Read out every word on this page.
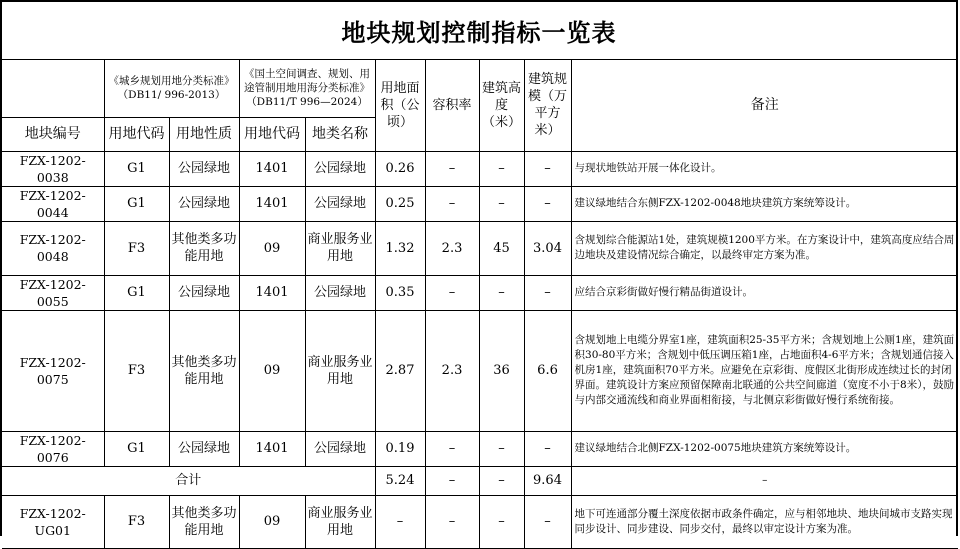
地块规划控制指标一览表
	《城乡规划用地分类标准》（DB11/ 996-2013）		《国土空间调查、规划、用途管制用地用海分类标准》（DB11/T 996—2024）		用地面积（公顷）	容积率	建筑高度（米）	建筑规模（万平方米）	备注
地块编号	用地代码	用地性质	用地代码	地类名称					
FZX-1202-0038	G1	公园绿地	1401	公园绿地	0.26	–	–	–	与现状地铁站开展一体化设计。
FZX-1202-0044	G1	公园绿地	1401	公园绿地	0.25	–	–	–	建议绿地结合东侧FZX-1202-0048地块建筑方案统筹设计。
FZX-1202-0048	F3	其他类多功能用地	09	商业服务业用地	1.32	2.3	45	3.04	含规划综合能源站1处，建筑规模1200平方米。在方案设计中，建筑高度应结合周边地块及建设情况综合确定，以最终审定方案为准。
FZX-1202-0055	G1	公园绿地	1401	公园绿地	0.35	–	–	–	应结合京彩街做好慢行精品街道设计。
FZX-1202-0075	F3	其他类多功能用地	09	商业服务业用地	2.87	2.3	36	6.6	含规划地上电缆分界室1座，建筑面积25-35平方米；含规划地上公厕1座，建筑面积30-80平方米；含规划中低压调压箱1座，占地面积4-6平方米；含规划通信接入机房1座，建筑面积70平方米。应避免在京彩街、度假区北街形成连续过长的封闭界面。建筑设计方案应预留保障南北联通的公共空间廊道（宽度不小于8米），鼓励与内部交通流线和商业界面相衔接，与北侧京彩街做好慢行系统衔接。
FZX-1202-0076	G1	公园绿地	1401	公园绿地	0.19	–	–	–	建议绿地结合北侧FZX-1202-0075地块建筑方案统筹设计。
合计					5.24	–	–	9.64	–
FZX-1202-UG01	F3	其他类多功能用地	09	商业服务业用地	–	–	–	–	地下可连通部分覆土深度依据市政条件确定，应与相邻地块、地块间城市支路实现同步设计、同步建设、同步交付，最终以审定设计方案为准。
